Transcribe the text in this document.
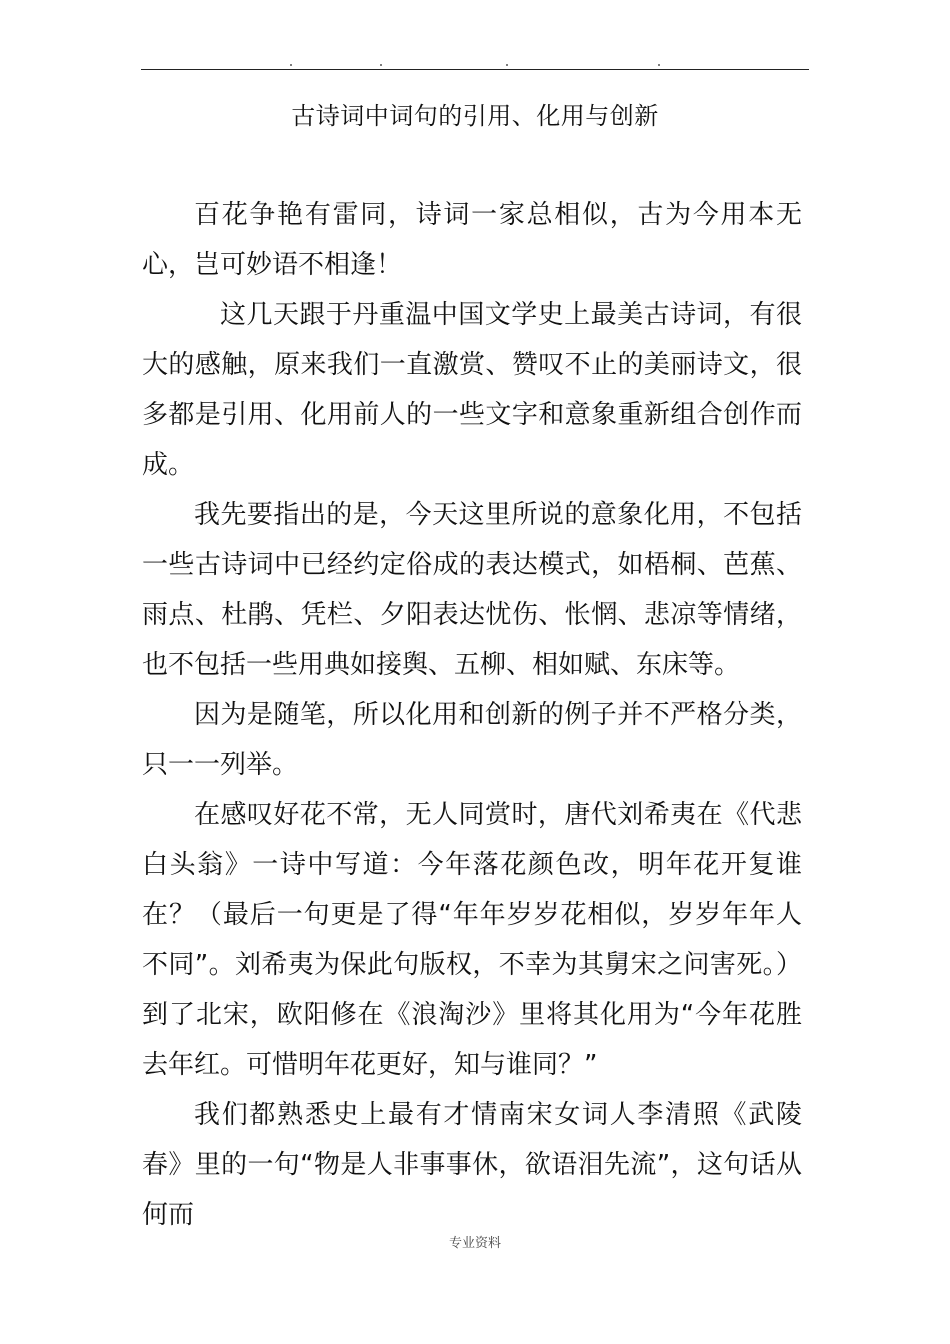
古诗词中词句的引用、化用与创新

百花争艳有雷同，诗词一家总相似，古为今用本无心，岂可妙语不相逢！

这几天跟于丹重温中国文学史上最美古诗词，有很大的感触，原来我们一直激赏、赞叹不止的美丽诗文，很多都是引用、化用前人的一些文字和意象重新组合创作而成。

我先要指出的是，今天这里所说的意象化用，不包括一些古诗词中已经约定俗成的表达模式，如梧桐、芭蕉、雨点、杜鹃、凭栏、夕阳表达忧伤、怅惘、悲凉等情绪，也不包括一些用典如接舆、五柳、相如赋、东床等。

因为是随笔，所以化用和创新的例子并不严格分类，只一一列举。

在感叹好花不常，无人同赏时，唐代刘希夷在《代悲白头翁》一诗中写道：今年落花颜色改，明年花开复谁在？（最后一句更是了得“年年岁岁花相似，岁岁年年人不同”。刘希夷为保此句版权，不幸为其舅宋之问害死。）到了北宋，欧阳修在《浪淘沙》里将其化用为“今年花胜去年红。可惜明年花更好，知与谁同？”

我们都熟悉史上最有才情南宋女词人李清照《武陵春》里的一句“物是人非事事休，欲语泪先流”，这句话从何而

专业资料
